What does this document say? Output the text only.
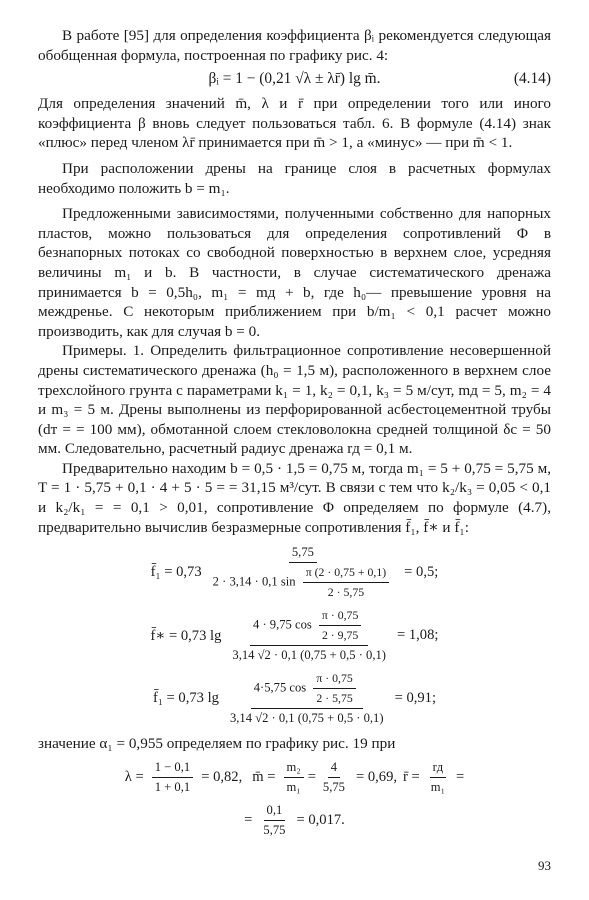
В работе [95] для определения коэффициента βᵢ рекомендуется следующая обобщенная формула, построенная по графику рис. 4:

βᵢ = 1 − (0,21 √λ ± λr̄) lg m̄.	(4.14)

Для определения значений m̄, λ и r̄ при определении того или иного коэффициента β вновь следует пользоваться табл. 6. В формуле (4.14) знак «плюс» перед членом λr̄ принимается при m̄ > 1, а «минус» — при m̄ < 1.

При расположении дрены на границе слоя в расчетных формулах необходимо положить b = m₁.

Предложенными зависимостями, полученными собственно для напорных пластов, можно пользоваться для определения сопротивлений Φ в безнапорных потоках со свободной поверхностью в верхнем слое, усредняя величины m₁ и b. В частности, в случае систематического дренажа принимается b = 0,5h₀, m₁ = mд + b, где h₀— превышение уровня на междренье. С некоторым приближением при b/m₁ < 0,1 расчет можно производить, как для случая b = 0.

Примеры. 1. Определить фильтрационное сопротивление несовершенной дрены систематического дренажа (h₀ = 1,5 м), расположенного в верхнем слое трехслойного грунта с параметрами k₁ = 1, k₂ = 0,1, k₃ = 5 м/сут, mд = 5, m₂ = 4 и m₃ = 5 м. Дрены выполнены из перфорированной асбестоцементной трубы (dт = = 100 мм), обмотанной слоем стекловолокна средней толщиной δс = 50 мм. Следовательно, расчетный радиус дренажа rд = 0,1 м.

Предварительно находим b = 0,5 · 1,5 = 0,75 м, тогда m₁ = 5 + 0,75 = 5,75 м, T = 1 · 5,75 + 0,1 · 4 + 5 · 5 = = 31,15 м³/сут. В связи с тем что k₂/k₃ = 0,05 < 0,1 и k₂/k₁ = = 0,1 > 0,01, сопротивление Φ определяем по формуле (4.7), предварительно вычислив безразмерные сопротивления f̄₁, f̄∗ и f̄₁:

f̄₁ = 0,73
5,75
2 · 3,14 · 0,1 $\sin \frac{\pi (2 \cdot 0,75 + 0,1)}{2 \cdot 5,75} = 0,5$;
f̄∗ = 0,73 $\lg \frac{4 \cdot 9,75 \cos \frac{\pi \cdot 0,75}{2 \cdot 9,75}}{3,14 √2 \cdot 0,1 (0,75 + 0,5 \cdot 0,1)} = 1,08$;
f̄₁ = 0,73 $\lg \frac{4\cdot 5,75 \cos \frac{\pi \cdot 0,75}{2 \cdot 5,75}}{3,14 √2 \cdot 0,1 (0,75 + 0,5 \cdot 0,1)} = 0,91$;

значение α₁ = 0,955 определяем по графику рис. 19 при

$\lambda = \frac{1 - 0,1}{1 + 0,1} = 0,82$, m̄ = $\frac{\text{m₂}}{\text{m₁}} = \frac{4}{5,75} = 0,69$, r̄ = $\frac{rд}{\text{m₁}}$ =
= $\frac{0,1}{5,75} = 0,017$.
93
